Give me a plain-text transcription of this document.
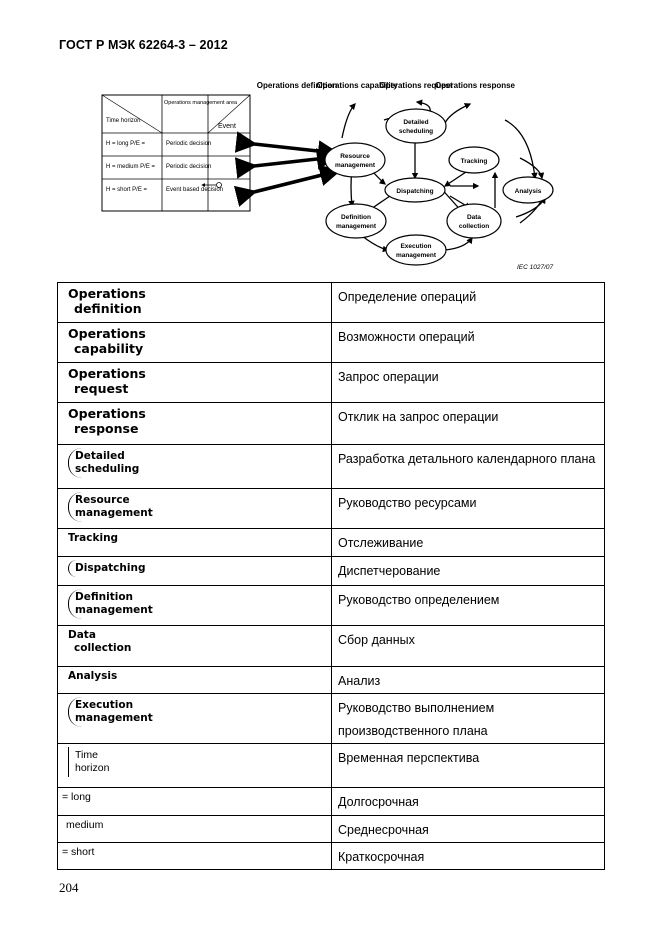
ГОСТ Р МЭК 62264-3 – 2012
Time horizon
Operations management area
Event
H = long P/E =	Periodic decision
H = medium P/E = Periodic decision
H = short P/E =	Event based decision
Operations definition
Operations capability
Operations request
Operations response
Detailed
scheduling
Resource
management
Tracking
Dispatching	Analysis
Definition
management
Data
collection
Execution
management
IEC 1027/07
Operations
definition	Определение операций

Operations
capability	Возможности операций

Operations
request	Запрос операции

Operations
response	Отклик на запрос операции

Detailed
scheduling	Разработка детального календарного плана

Resource
management	Руководство ресурсами

Tracking	Отслеживание

Dispatching	Диспетчерование

Definition
management	Руководство определением

Data
collection	Сбор данных

Analysis	Анализ

Execution
management	Руководство выполнением производственного плана

Time
horizon	Временная перспектива

= long	Долгосрочная

medium	Среднесрочная

= short	Краткосрочная
204
